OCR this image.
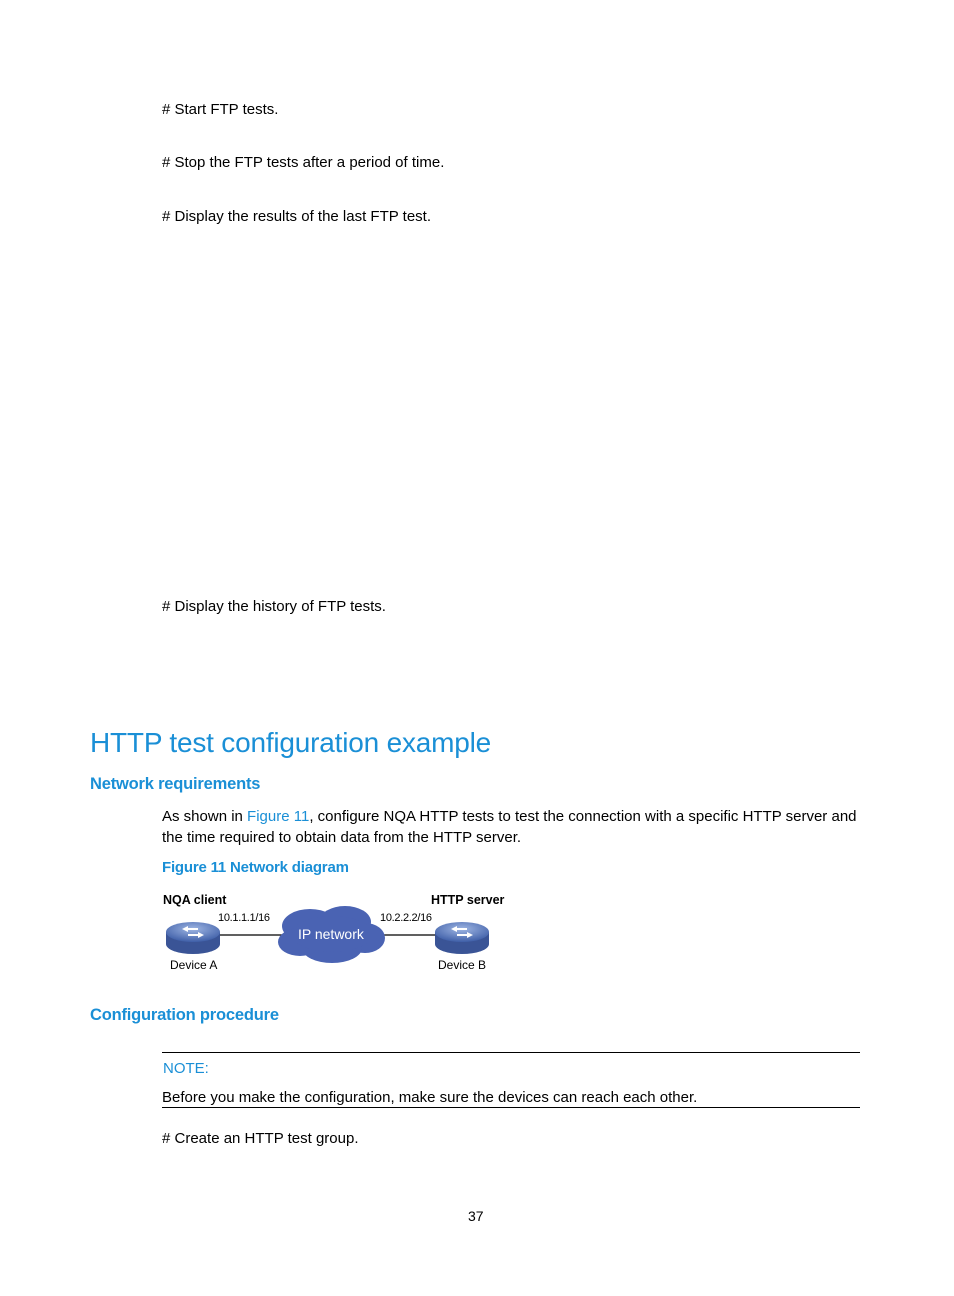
# Start FTP tests.
# Stop the FTP tests after a period of time.
# Display the results of the last FTP test.
# Display the history of FTP tests.
HTTP test configuration example
Network requirements
As shown in Figure 11, configure NQA HTTP tests to test the connection with a specific HTTP server and
the time required to obtain data from the HTTP server.
Figure 11 Network diagram
NQA client	HTTP server
10.1.1.1/16	10.2.2.2/16
IP network
Device A	Device B
Configuration procedure
NOTE:
Before you make the configuration, make sure the devices can reach each other.
# Create an HTTP test group.
37
